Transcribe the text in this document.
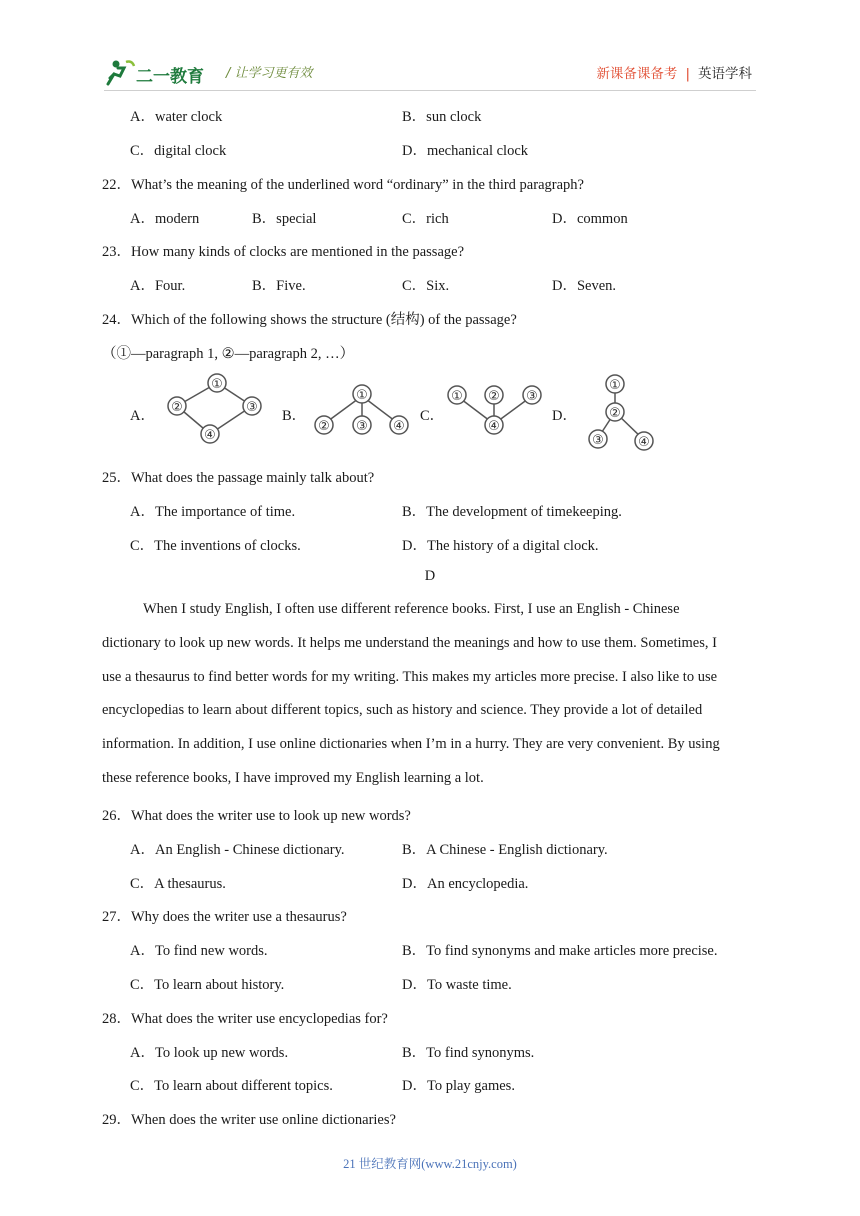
二一教育 / 让学习更有效	新课备课备考 | 英语学科
A．water clock	B．sun clock
C．digital clock	D．mechanical clock
22．What’s the meaning of the underlined word “ordinary” in the third paragraph?
A．modern	B．special	C．rich	D．common
23．How many kinds of clocks are mentioned in the passage?
A．Four.	B．Five.	C．Six.	D．Seven.
24．Which of the following shows the structure (结构) of the passage?
（①—paragraph 1, ②—paragraph 2, …）
A．	B．	C．	D．
①
②	③
④
①
② ③ ④
① ② ③
④
①
②
③	④
25．What does the passage mainly talk about?
A．The importance of time.	B．The development of timekeeping.
C．The inventions of clocks.	D．The history of a digital clock.
D
When I study English, I often use different reference books. First, I use an English - Chinese
dictionary to look up new words. It helps me understand the meanings and how to use them. Sometimes, I
use a thesaurus to find better words for my writing. This makes my articles more precise. I also like to use
encyclopedias to learn about different topics, such as history and science. They provide a lot of detailed
information. In addition, I use online dictionaries when I’m in a hurry. They are very convenient. By using
these reference books, I have improved my English learning a lot.
26．What does the writer use to look up new words?
A．An English - Chinese dictionary.	B．A Chinese - English dictionary.
C．A thesaurus.	D．An encyclopedia.
27．Why does the writer use a thesaurus?
A．To find new words.	B．To find synonyms and make articles more precise.
C．To learn about history.	D．To waste time.
28．What does the writer use encyclopedias for?
A．To look up new words.	B．To find synonyms.
C．To learn about different topics.	D．To play games.
29．When does the writer use online dictionaries?
21 世纪教育网(www.21cnjy.com)
